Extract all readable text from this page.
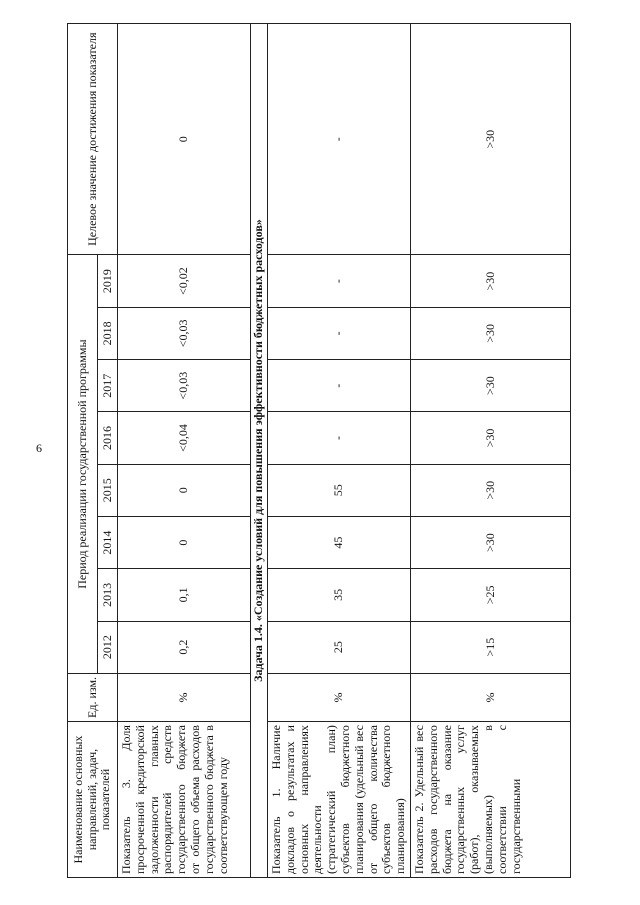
6
Наименование основных направлений, задач, показателей	Ед. изм.	Период реализации государственной программы								Целевое значение достижения показателя
		2012	2013	2014	2015	2016	2017	2018	2019	
Показатель 3. Доля просроченной кредиторской задолженности главных распорядителей средств государственного бюджета от общего объема расходов государственного бюджета в соответствующем году	%	0,2	0,1	0	0	<0,04	<0,03	<0,03	<0,02	0
Задача 1.4. «Создание условий для повышения эффективности бюджетных расходов»										
Показатель 1. Наличие докладов о результатах и основных направлениях деятельности (стратегический план) субъектов бюджетного планирования (удельный вес от общего количества субъектов бюджетного планирования)	%	25	35	45	55	-	-	-	-	-
Показатель 2. Удельный вес расходов государственного бюджета на оказание государственных услуг (работ), оказываемых (выполняемых) в соответствии с государственными	%	>15	>25	>30	>30	>30	>30	>30	>30	>30
